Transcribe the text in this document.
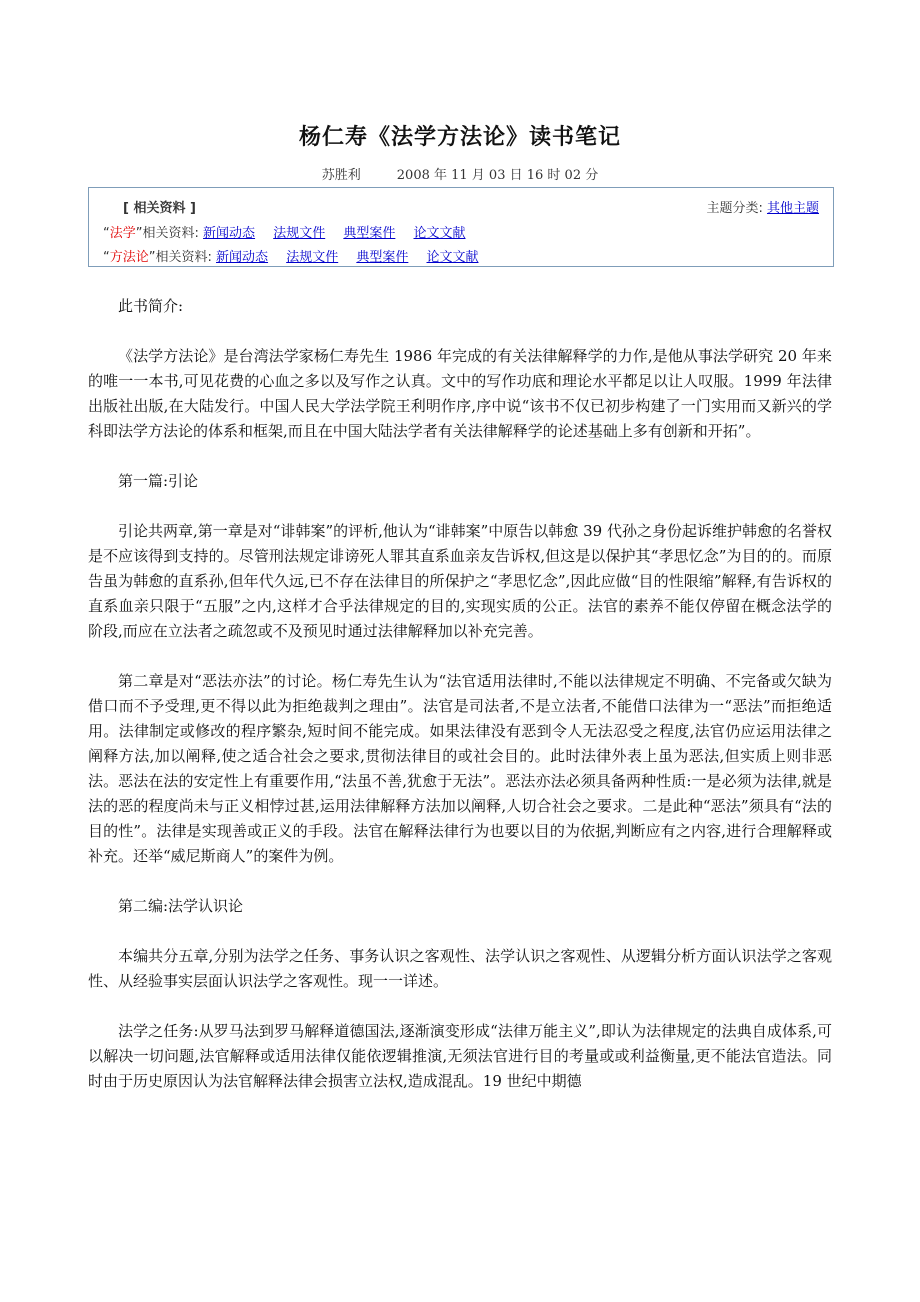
杨仁寿《法学方法论》读书笔记
苏胜利	2008 年 11 月 03 日 16 时 02 分
[ 相关资料 ]	主题分类: 其他主题
“法学”相关资料: 新闻动态 法规文件 典型案件 论文文献
“方法论”相关资料: 新闻动态 法规文件 典型案件 论文文献

此书简介:

《法学方法论》是台湾法学家杨仁寿先生 1986 年完成的有关法律解释学的力作,是他从事法学研究 20 年来的唯一一本书,可见花费的心血之多以及写作之认真。文中的写作功底和理论水平都足以让人叹服。1999 年法律出版社出版,在大陆发行。中国人民大学法学院王利明作序,序中说“该书不仅已初步构建了一门实用而又新兴的学科即法学方法论的体系和框架,而且在中国大陆法学者有关法律解释学的论述基础上多有创新和开拓”。

第一篇:引论

引论共两章,第一章是对“诽韩案”的评析,他认为“诽韩案”中原告以韩愈 39 代孙之身份起诉维护韩愈的名誉权是不应该得到支持的。尽管刑法规定诽谤死人罪其直系血亲友告诉权,但这是以保护其“孝思忆念”为目的的。而原告虽为韩愈的直系孙,但年代久远,已不存在法律目的所保护之“孝思忆念”,因此应做“目的性限缩”解释,有告诉权的直系血亲只限于“五服”之内,这样才合乎法律规定的目的,实现实质的公正。法官的素养不能仅停留在概念法学的阶段,而应在立法者之疏忽或不及预见时通过法律解释加以补充完善。

第二章是对“恶法亦法”的讨论。杨仁寿先生认为“法官适用法律时,不能以法律规定不明确、不完备或欠缺为借口而不予受理,更不得以此为拒绝裁判之理由”。法官是司法者,不是立法者,不能借口法律为一“恶法”而拒绝适用。法律制定或修改的程序繁杂,短时间不能完成。如果法律没有恶到令人无法忍受之程度,法官仍应运用法律之阐释方法,加以阐释,使之适合社会之要求,贯彻法律目的或社会目的。此时法律外表上虽为恶法,但实质上则非恶法。恶法在法的安定性上有重要作用,“法虽不善,犹愈于无法”。恶法亦法必须具备两种性质:一是必须为法律,就是法的恶的程度尚未与正义相悖过甚,运用法律解释方法加以阐释,人切合社会之要求。二是此种“恶法”须具有“法的目的性”。法律是实现善或正义的手段。法官在解释法律行为也要以目的为依据,判断应有之内容,进行合理解释或补充。还举“威尼斯商人”的案件为例。

第二编:法学认识论

本编共分五章,分别为法学之任务、事务认识之客观性、法学认识之客观性、从逻辑分析方面认识法学之客观性、从经验事实层面认识法学之客观性。现一一详述。

法学之任务:从罗马法到罗马解释道德国法,逐渐演变形成“法律万能主义”,即认为法律规定的法典自成体系,可以解决一切问题,法官解释或适用法律仅能依逻辑推演,无须法官进行目的考量或或利益衡量,更不能法官造法。同时由于历史原因认为法官解释法律会损害立法权,造成混乱。19 世纪中期德
